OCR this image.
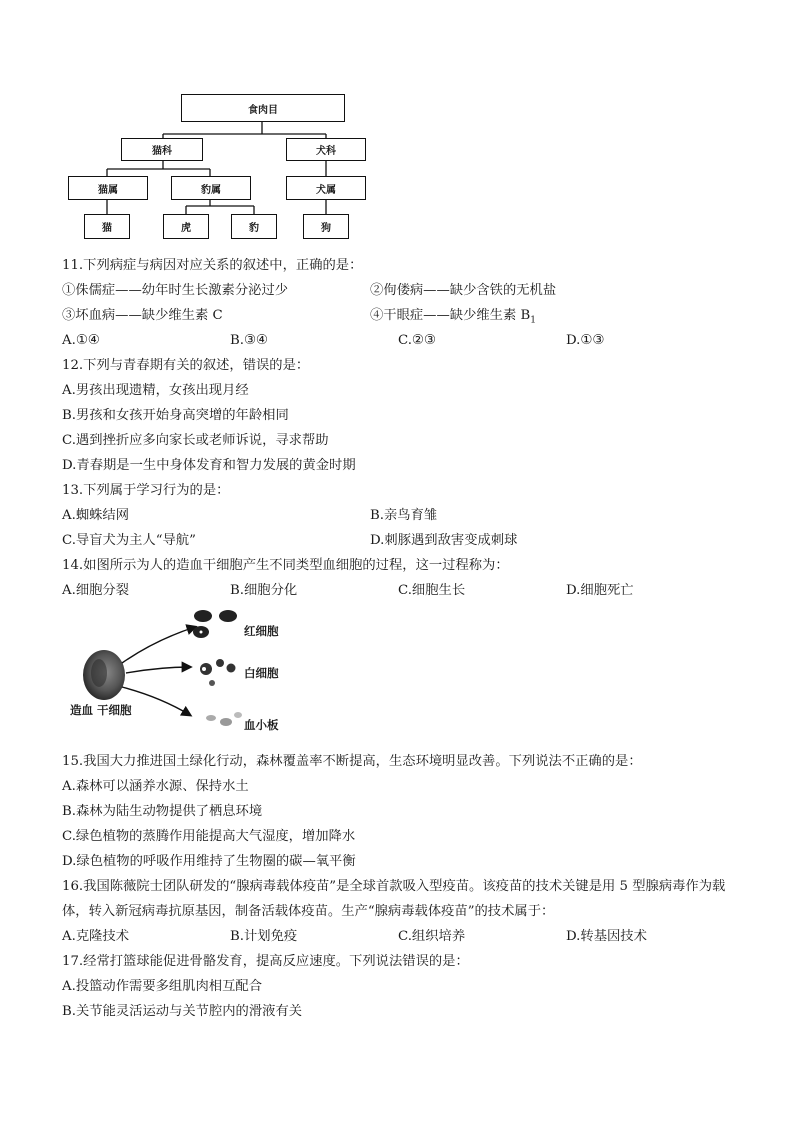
食肉目
猫科	犬科
猫属	豹属	犬属
猫	虎	豹	狗
11.下列病症与病因对应关系的叙述中，正确的是：
①侏儒症——幼年时生长激素分泌过少	②佝偻病——缺少含铁的无机盐
③坏血病——缺少维生素 C	④干眼症——缺少维生素 $B_1$
A.①④	B.③④	C.②③	D.①③
12.下列与青春期有关的叙述，错误的是：
A.男孩出现遗精，女孩出现月经
B.男孩和女孩开始身高突增的年龄相同
C.遇到挫折应多向家长或老师诉说，寻求帮助
D.青春期是一生中身体发育和智力发展的黄金时期
13.下列属于学习行为的是：
A.蜘蛛结网	B.亲鸟育雏
C.导盲犬为主人“导航”	D.刺豚遇到敌害变成刺球
14.如图所示为人的造血干细胞产生不同类型血细胞的过程，这一过程称为：
A.细胞分裂	B.细胞分化	C.细胞生长	D.细胞死亡
红细胞
白细胞
血小板
造血 干细胞
15.我国大力推进国土绿化行动，森林覆盖率不断提高，生态环境明显改善。下列说法不正确的是：
A.森林可以涵养水源、保持水土
B.森林为陆生动物提供了栖息环境
C.绿色植物的蒸腾作用能提高大气湿度，增加降水
D.绿色植物的呼吸作用维持了生物圈的碳—氧平衡
16.我国陈薇院士团队研发的“腺病毒载体疫苗”是全球首款吸入型疫苗。该疫苗的技术关键是用 5 型腺病毒作为载体，转入新冠病毒抗原基因，制备活载体疫苗。生产“腺病毒载体疫苗”的技术属于：
A.克隆技术	B.计划免疫	C.组织培养	D.转基因技术
17.经常打篮球能促进骨骼发育，提高反应速度。下列说法错误的是：
A.投篮动作需要多组肌肉相互配合
B.关节能灵活运动与关节腔内的滑液有关
